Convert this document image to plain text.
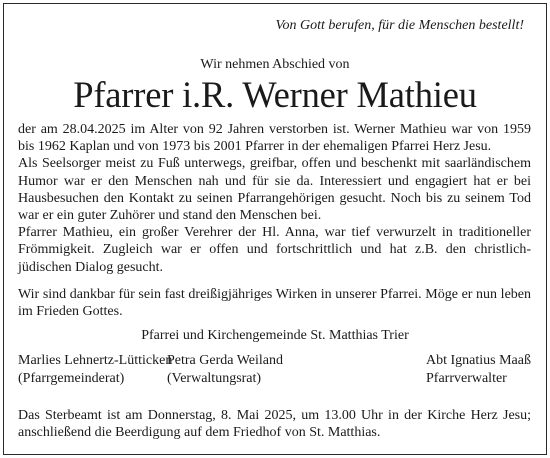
Von Gott berufen, für die Menschen bestellt!
Wir nehmen Abschied von
Pfarrer i.R. Werner Mathieu

der am 28.04.2025 im Alter von 92 Jahren verstorben ist. Werner Mathieu war von 1959 bis 1962 Kaplan und von 1973 bis 2001 Pfarrer in der ehemaligen Pfarrei Herz Jesu.

Als Seelsorger meist zu Fuß unterwegs, greifbar, offen und beschenkt mit saarländischem Humor war er den Menschen nah und für sie da. Interessiert und engagiert hat er bei Hausbesuchen den Kontakt zu seinen Pfarrangehörigen gesucht. Noch bis zu seinem Tod war er ein guter Zuhörer und stand den Menschen bei.

Pfarrer Mathieu, ein großer Verehrer der Hl. Anna, war tief verwurzelt in traditioneller Frömmigkeit. Zugleich war er offen und fortschrittlich und hat z.B. den christlich-jüdischen Dialog gesucht.

Wir sind dankbar für sein fast dreißigjähriges Wirken in unserer Pfarrei. Möge er nun leben im Frieden Gottes.

Pfarrei und Kirchengemeinde St. Matthias Trier
Marlies Lehnertz-Lütticken
(Pfarrgemeinderat)
Petra Gerda Weiland
(Verwaltungsrat)
Abt Ignatius Maaß
Pfarrverwalter
Das Sterbeamt ist am Donnerstag, 8. Mai 2025, um 13.00 Uhr in der Kirche Herz Jesu; anschließend die Beerdigung auf dem Friedhof von St. Matthias.
